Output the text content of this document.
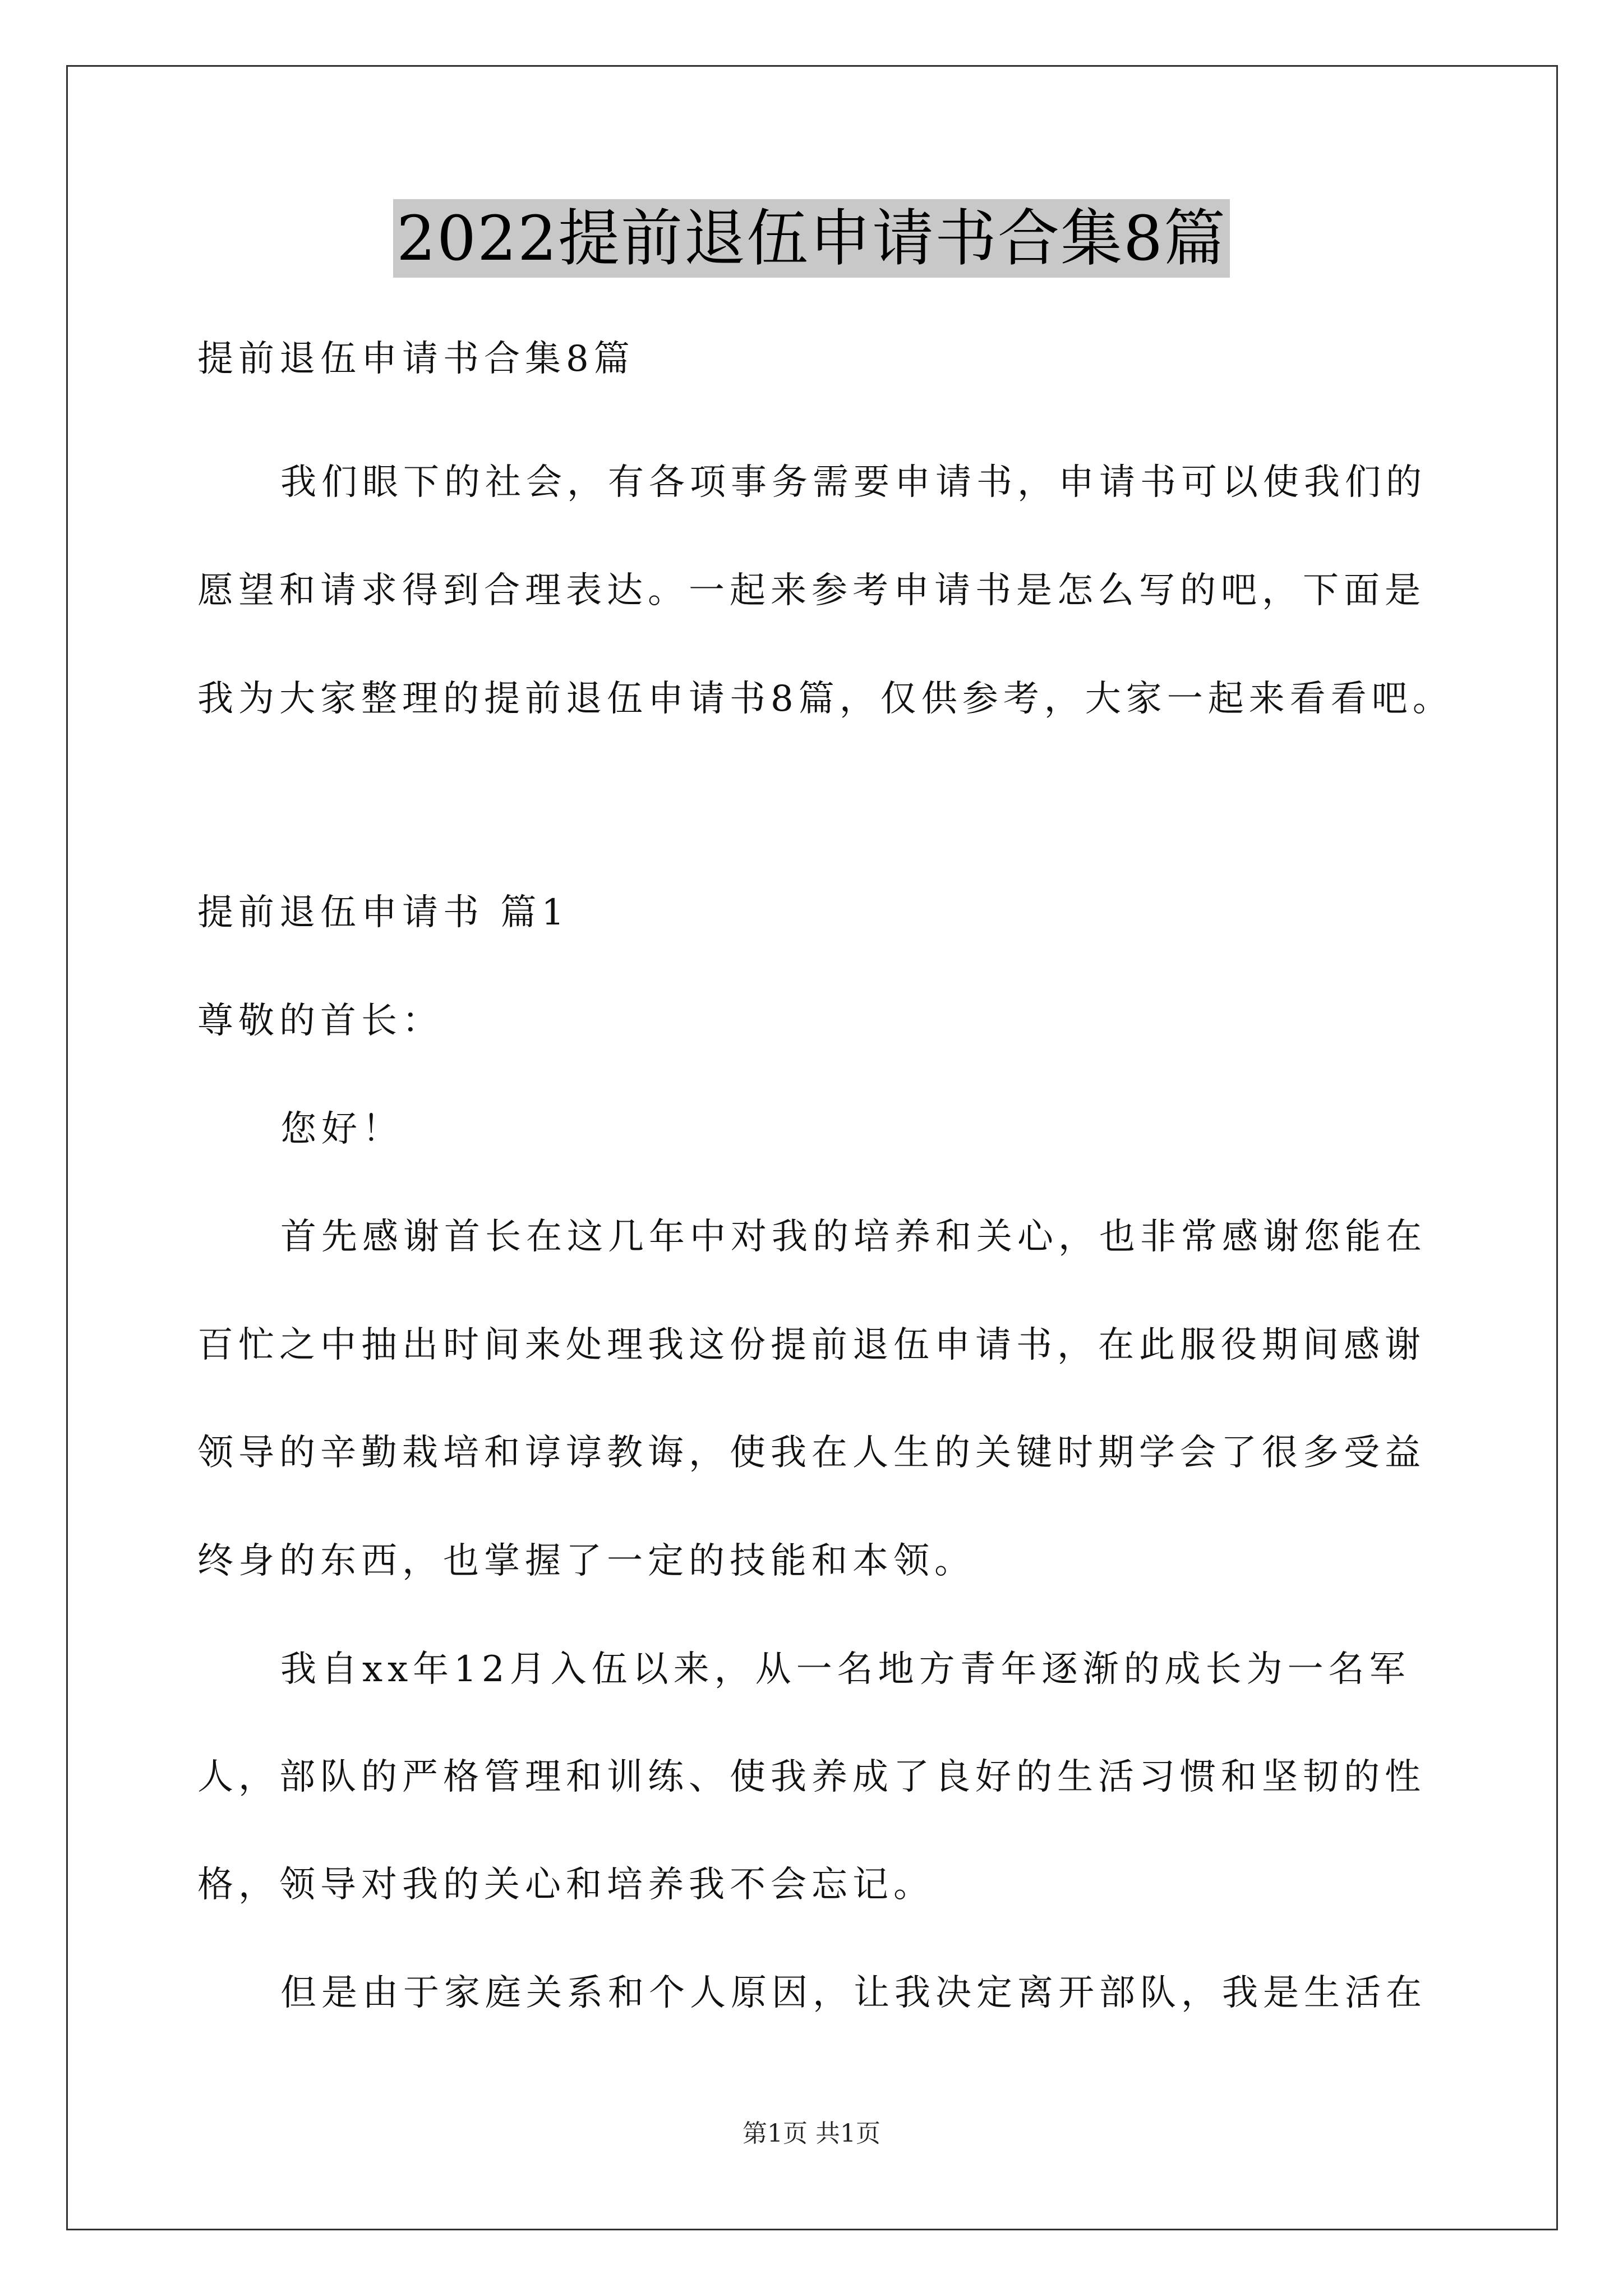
2022提前退伍申请书合集8篇
提前退伍申请书合集8篇
我们眼下的社会，有各项事务需要申请书，申请书可以使我们的
愿望和请求得到合理表达。一起来参考申请书是怎么写的吧，下面是
我为大家整理的提前退伍申请书8篇，仅供参考，大家一起来看看吧。
提前退伍申请书 篇1
尊敬的首长：
您好！
首先感谢首长在这几年中对我的培养和关心，也非常感谢您能在
百忙之中抽出时间来处理我这份提前退伍申请书，在此服役期间感谢
领导的辛勤栽培和谆谆教诲，使我在人生的关键时期学会了很多受益
终身的东西，也掌握了一定的技能和本领。
我自xx年12月入伍以来，从一名地方青年逐渐的成长为一名军
人，部队的严格管理和训练、使我养成了良好的生活习惯和坚韧的性
格，领导对我的关心和培养我不会忘记。
但是由于家庭关系和个人原因，让我决定离开部队，我是生活在
第1页 共1页
